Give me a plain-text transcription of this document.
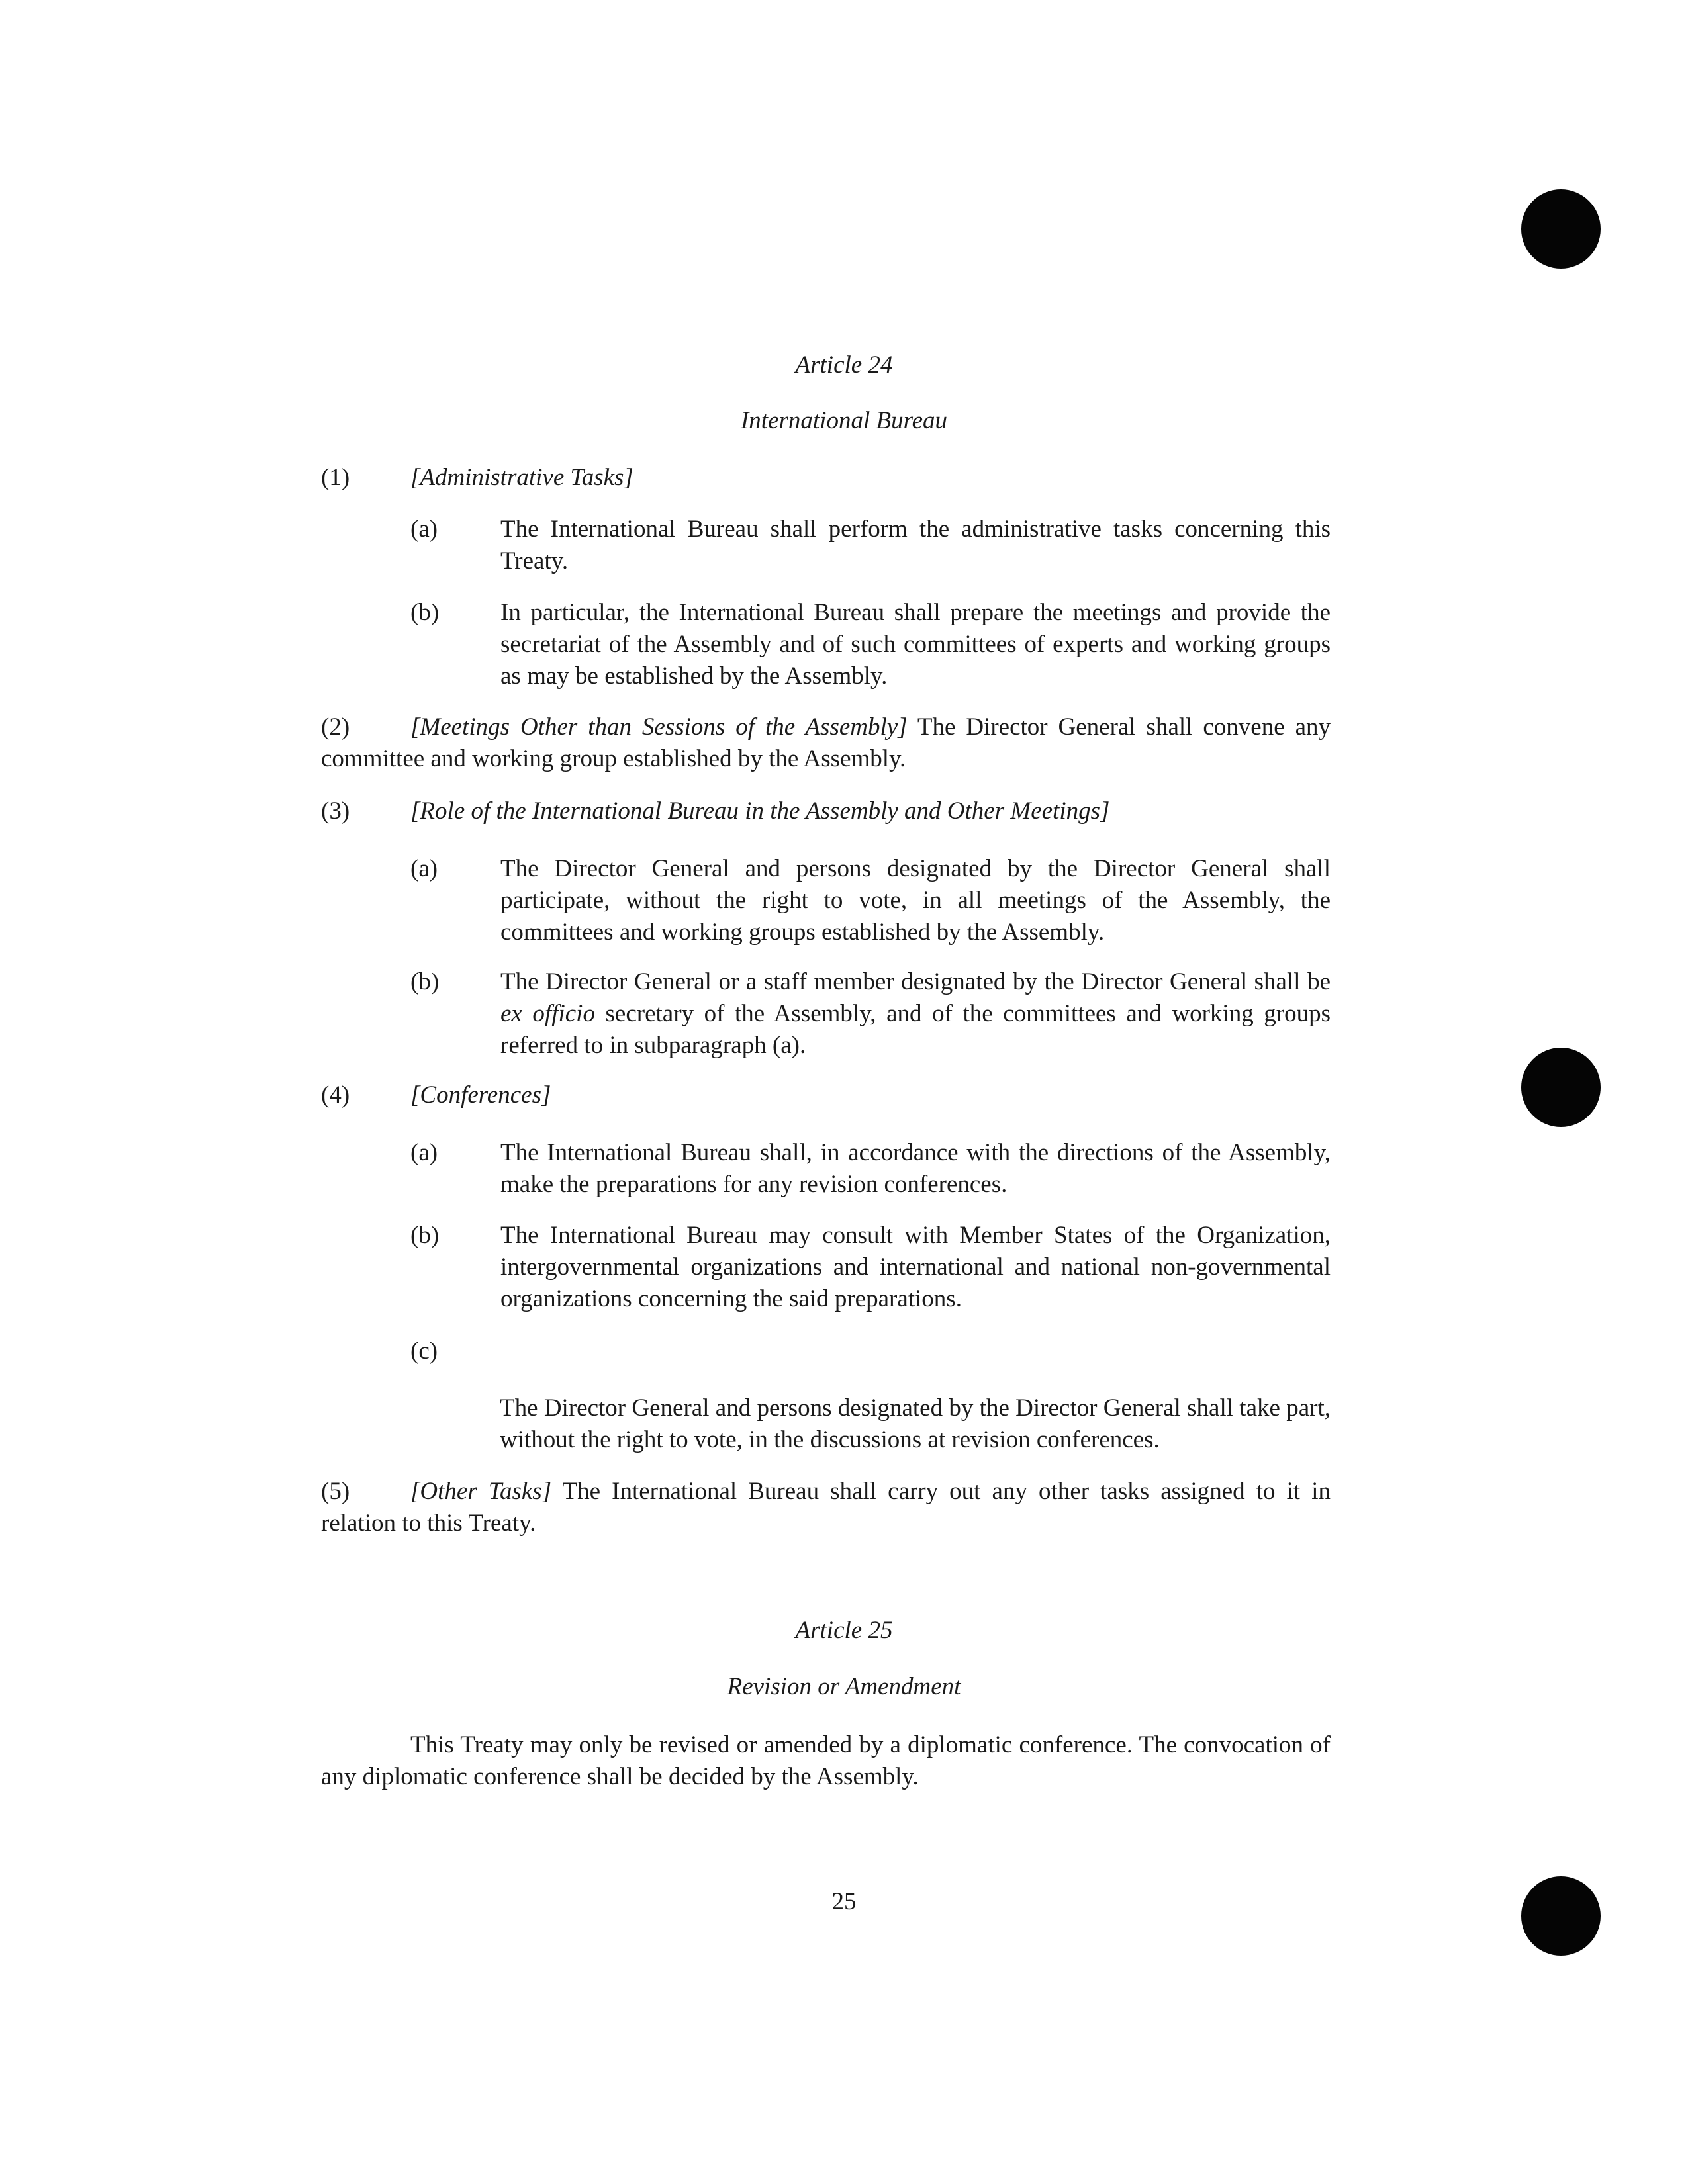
Article 24

International Bureau

(1) [Administrative Tasks]

(a)	The International Bureau shall perform the administrative tasks concerning this Treaty.

(b)	In particular, the International Bureau shall prepare the meetings and provide the secretariat of the Assembly and of such committees of experts and working groups as may be established by the Assembly.

(2)	[Meetings Other than Sessions of the Assembly] The Director General shall convene any committee and working group established by the Assembly.

(3) [Role of the International Bureau in the Assembly and Other Meetings]

(a)	The Director General and persons designated by the Director General shall participate, without the right to vote, in all meetings of the Assembly, the committees and working groups established by the Assembly.

(b)	The Director General or a staff member designated by the Director General shall be ex officio secretary of the Assembly, and of the committees and working groups referred to in subparagraph (a).

(4) [Conferences]

(a)	The International Bureau shall, in accordance with the directions of the Assembly, make the preparations for any revision conferences.

(b)	The International Bureau may consult with Member States of the Organization, intergovernmental organizations and international and national non-governmental organizations concerning the said preparations.

(c)

The Director General and persons designated by the Director General shall take part, without the right to vote, in the discussions at revision conferences.

(5)	[Other Tasks] The International Bureau shall carry out any other tasks assigned to it in relation to this Treaty.

Article 25

Revision or Amendment

This Treaty may only be revised or amended by a diplomatic conference. The convocation of any diplomatic conference shall be decided by the Assembly.

25
